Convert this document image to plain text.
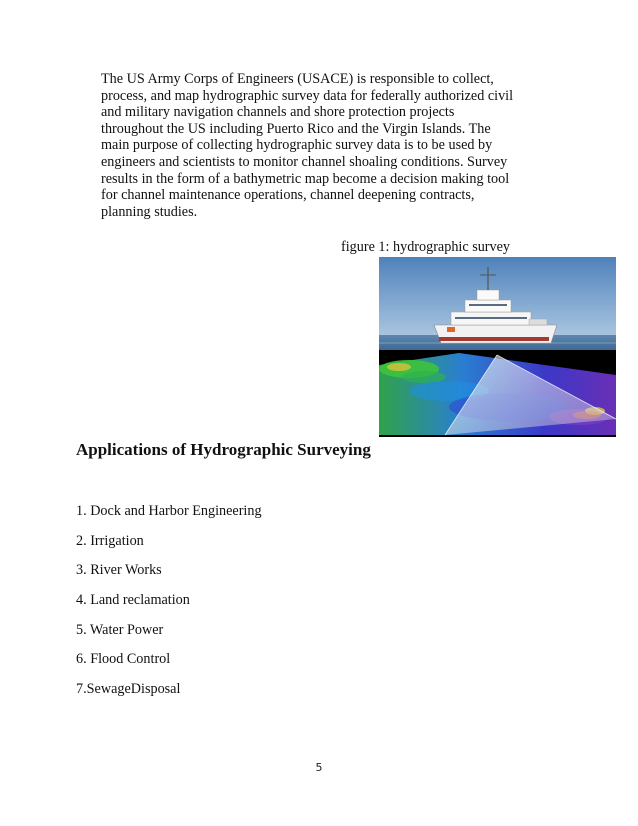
The US Army Corps of Engineers (USACE) is responsible to collect,
process, and map hydrographic survey data for federally authorized civil
and military navigation channels and shore protection projects
throughout the US including Puerto Rico and the Virgin Islands. The
main purpose of collecting hydrographic survey data is to be used by
engineers and scientists to monitor channel shoaling conditions. Survey
results in the form of a bathymetric map become a decision making tool
for channel maintenance operations, channel deepening contracts,
planning studies.
figure 1: hydrographic survey
Applications of Hydrographic Surveying
1. Dock and Harbor Engineering
2. Irrigation
3. River Works
4. Land reclamation
5. Water Power
6. Flood Control
7.SewageDisposal
5
